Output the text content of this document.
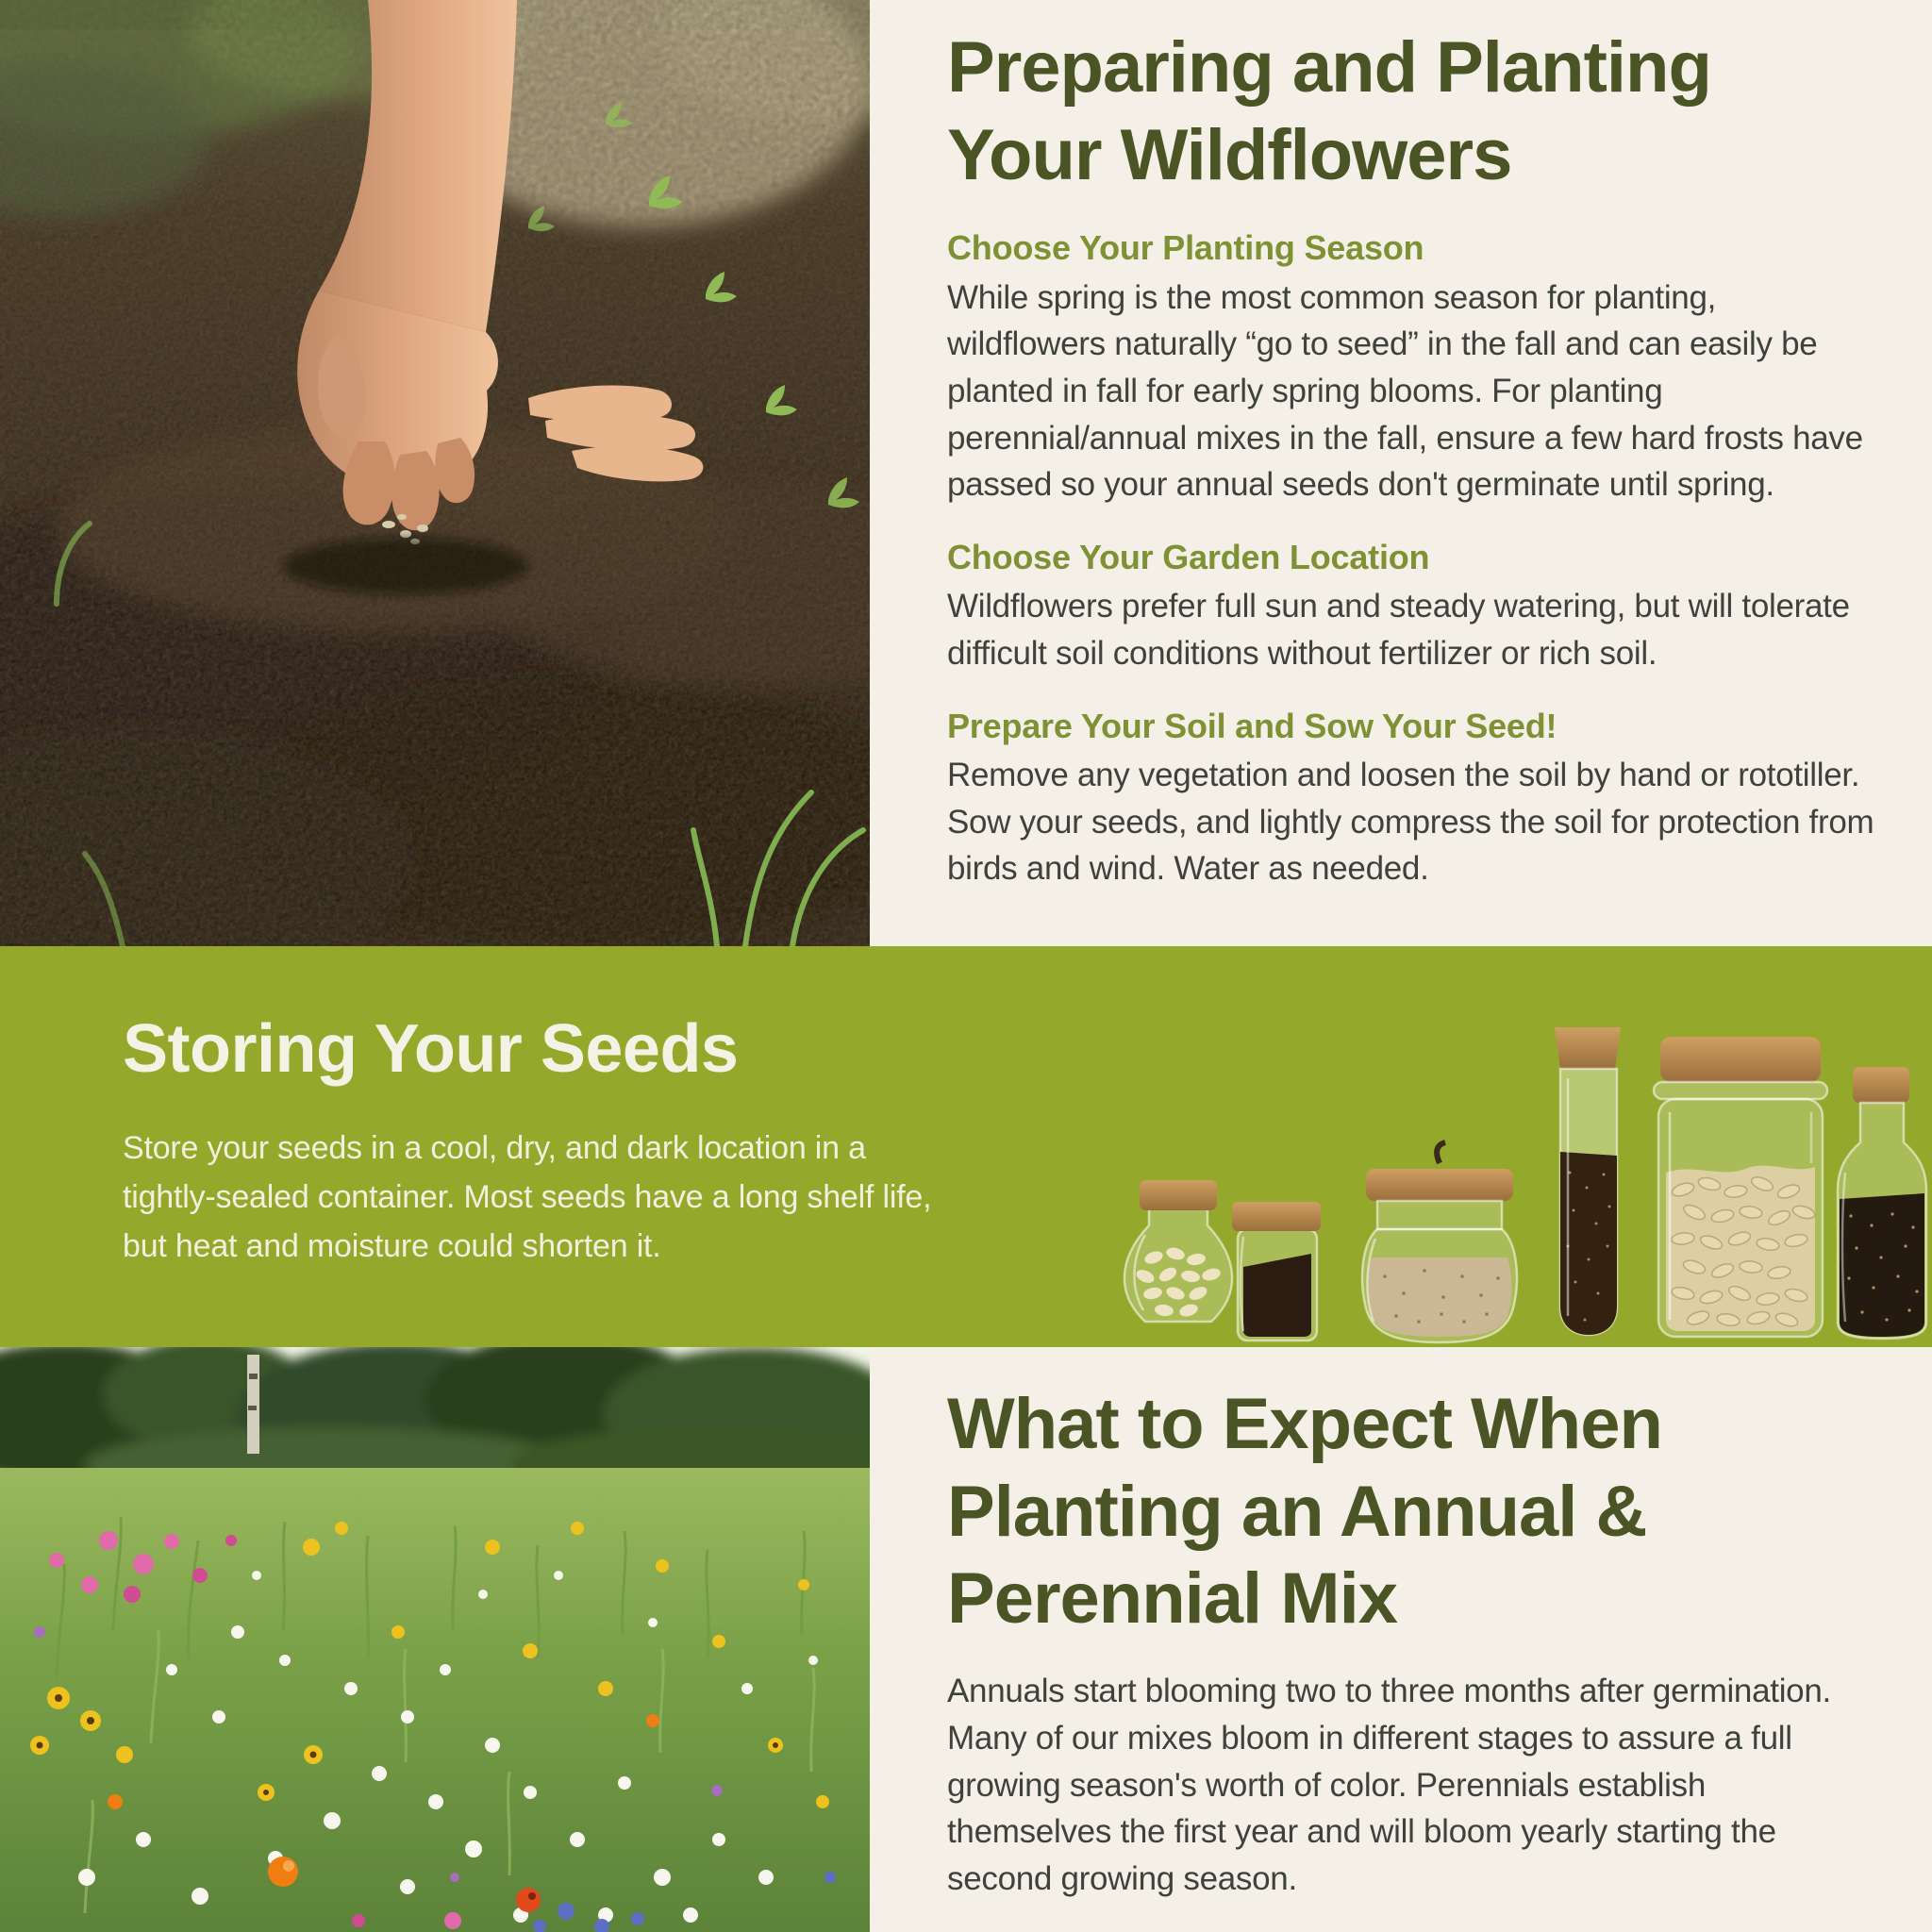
Preparing and Planting Your Wildflowers
Choose Your Planting Season

While spring is the most common season for planting, wildflowers naturally “go to seed” in the fall and can easily be planted in fall for early spring blooms. For planting perennial/annual mixes in the fall, ensure a few hard frosts have passed so your annual seeds don't germinate until spring.

Choose Your Garden Location

Wildflowers prefer full sun and steady watering, but will tolerate difficult soil conditions without fertilizer or rich soil.

Prepare Your Soil and Sow Your Seed!

Remove any vegetation and loosen the soil by hand or rototiller. Sow your seeds, and lightly compress the soil for protection from birds and wind. Water as needed.

Storing Your Seeds

Store your seeds in a cool, dry, and dark location in a tightly-sealed container. Most seeds have a long shelf life, but heat and moisture could shorten it.

What to Expect When Planting an Annual & Perennial Mix

Annuals start blooming two to three months after germination. Many of our mixes bloom in different stages to assure a full growing season's worth of color. Perennials establish themselves the first year and will bloom yearly starting the second growing season.
